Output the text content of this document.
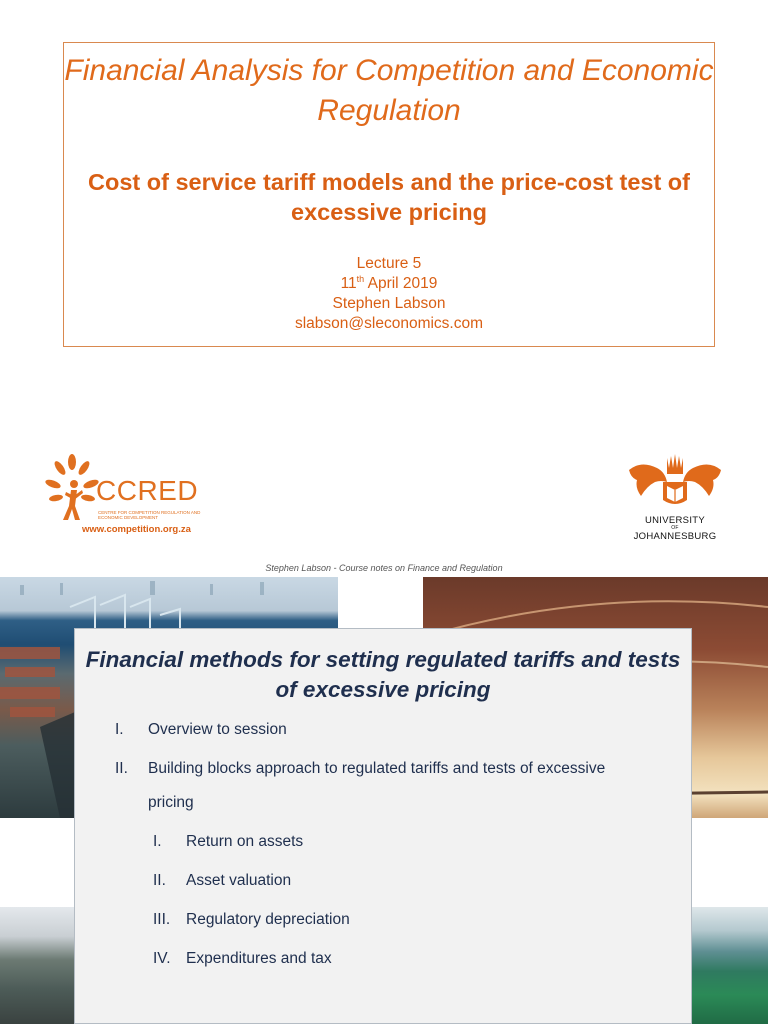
Financial Analysis for Competition and Economic Regulation
Cost of service tariff models and the price-cost test of excessive pricing
Lecture 5
11th April 2019
Stephen Labson
slabson@sleconomics.com
CCRED
CENTRE FOR COMPETITION REGULATION AND ECONOMIC DEVELOPMENT
www.competition.org.za
UNIVERSITY
OF
JOHANNESBURG
Stephen Labson - Course notes on Finance and Regulation
Financial methods for setting regulated tariffs and tests of excessive pricing
I. Overview to session
II. Building blocks approach to regulated tariffs and tests of excessive
pricing
I. Return on assets
II. Asset valuation
III. Regulatory depreciation
IV. Expenditures and tax
